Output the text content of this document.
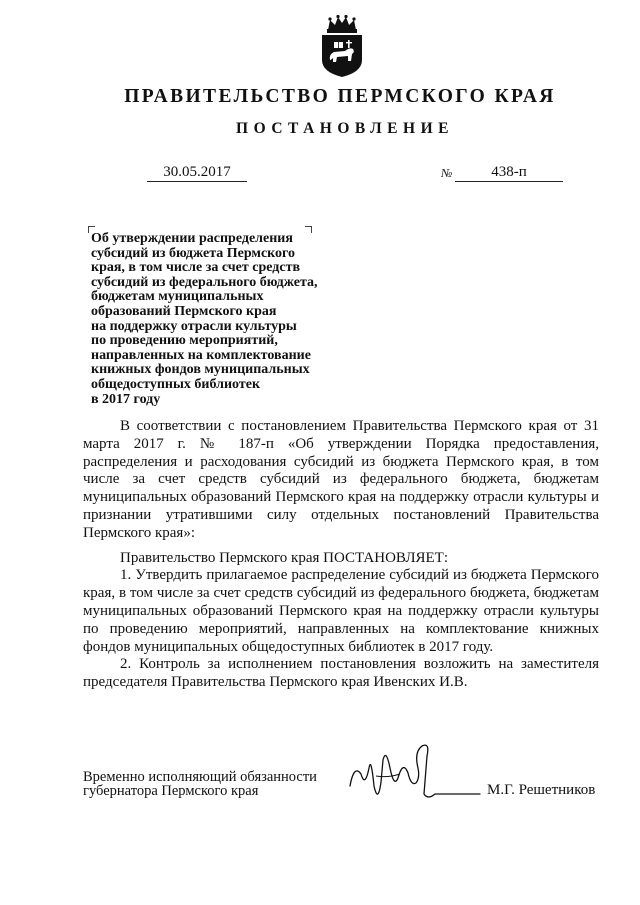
ПРАВИТЕЛЬСТВО ПЕРМСКОГО КРАЯ
ПОСТАНОВЛЕНИЕ
30.05.2017	№	438-п
Об утверждении распределения
субсидий из бюджета Пермского
края, в том числе за счет средств
субсидий из федерального бюджета,
бюджетам муниципальных
образований Пермского края
на поддержку отрасли культуры
по проведению мероприятий,
направленных на комплектование
книжных фондов муниципальных
общедоступных библиотек
в 2017 году

В соответствии с постановлением Правительства Пермского края от 31 марта 2017 г. № 187-п «Об утверждении Порядка предоставления, распределения и расходования субсидий из бюджета Пермского края, в том числе за счет средств субсидий из федерального бюджета, бюджетам муниципальных образований Пермского края на поддержку отрасли культуры и признании утратившими силу отдельных постановлений Правительства Пермского края»:

Правительство Пермского края ПОСТАНОВЛЯЕТ:

1. Утвердить прилагаемое распределение субсидий из бюджета Пермского края, в том числе за счет средств субсидий из федерального бюджета, бюджетам муниципальных образований Пермского края на поддержку отрасли культуры по проведению мероприятий, направленных на комплектование книжных фондов муниципальных общедоступных библиотек в 2017 году.

2. Контроль за исполнением постановления возложить на заместителя председателя Правительства Пермского края Ивенских И.В.

Временно исполняющий обязанности
губернатора Пермского края	М.Г. Решетников
